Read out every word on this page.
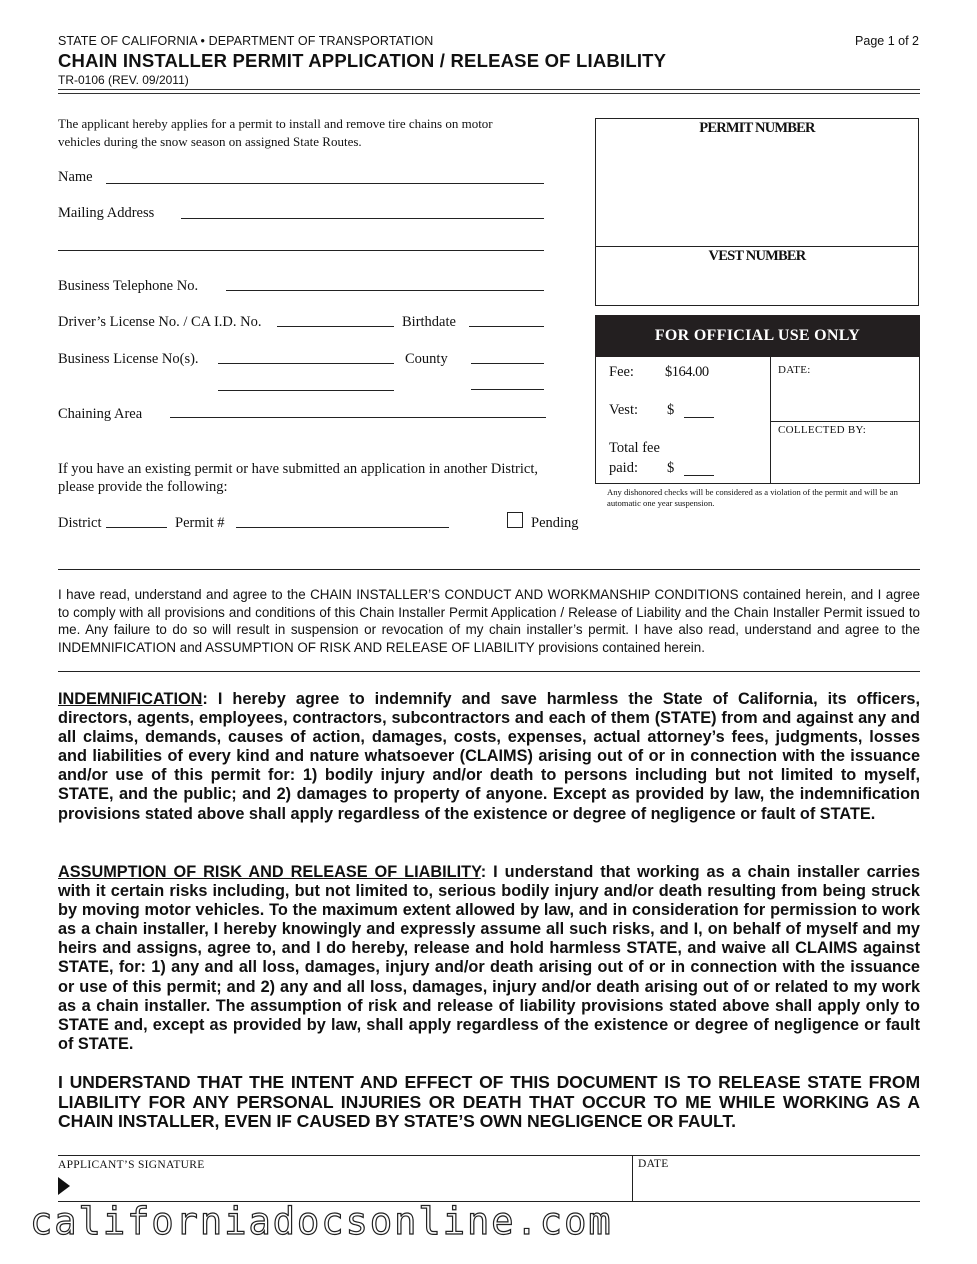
STATE OF CALIFORNIA • DEPARTMENT OF TRANSPORTATION	Page 1 of 2
CHAIN INSTALLER PERMIT APPLICATION / RELEASE OF LIABILITY
TR-0106 (REV. 09/2011)
The applicant hereby applies for a permit to install and remove tire chains on motor vehicles during the snow season on assigned State Routes.
Name
Mailing Address
Business Telephone No.
Driver’s License No. / CA I.D. No.	Birthdate
Business License No(s).	County
Chaining Area
If you have an existing permit or have submitted an application in another District, please provide the following:
District	Permit #	Pending
PERMIT NUMBER
VEST NUMBER
FOR OFFICIAL USE ONLY
DATE:
COLLECTED BY:
Fee: $164.00
Vest: $
Total fee
paid: $
Any dishonored checks will be considered as a violation of the permit and will be an automatic one year suspension.
I have read, understand and agree to the CHAIN INSTALLER’S CONDUCT AND WORKMANSHIP CONDITIONS contained herein, and I agree to comply with all provisions and conditions of this Chain Installer Permit Application / Release of Liability and the Chain Installer Permit issued to me. Any failure to do so will result in suspension or revocation of my chain installer’s permit. I have also read, understand and agree to the INDEMNIFICATION and ASSUMPTION OF RISK AND RELEASE OF LIABILITY provisions contained herein.
INDEMNIFICATION: I hereby agree to indemnify and save harmless the State of California, its officers, directors, agents, employees, contractors, subcontractors and each of them (STATE) from and against any and all claims, demands, causes of action, damages, costs, expenses, actual attorney’s fees, judgments, losses and liabilities of every kind and nature whatsoever (CLAIMS) arising out of or in connection with the issuance and/or use of this permit for: 1) bodily injury and/or death to persons including but not limited to myself, STATE, and the public; and 2) damages to property of anyone. Except as provided by law, the indemnification provisions stated above shall apply regardless of the existence or degree of negligence or fault of STATE.
ASSUMPTION OF RISK AND RELEASE OF LIABILITY: I understand that working as a chain installer carries with it certain risks including, but not limited to, serious bodily injury and/or death resulting from being struck by moving motor vehicles. To the maximum extent allowed by law, and in consideration for permission to work as a chain installer, I hereby knowingly and expressly assume all such risks, and I, on behalf of myself and my heirs and assigns, agree to, and I do hereby, release and hold harmless STATE, and waive all CLAIMS against STATE, for: 1) any and all loss, damages, injury and/or death arising out of or in connection with the issuance or use of this permit; and 2) any and all loss, damages, injury and/or death arising out of or related to my work as a chain installer. The assumption of risk and release of liability provisions stated above shall apply only to STATE and, except as provided by law, shall apply regardless of the existence or degree of negligence or fault of STATE.
I UNDERSTAND THAT THE INTENT AND EFFECT OF THIS DOCUMENT IS TO RELEASE STATE FROM LIABILITY FOR ANY PERSONAL INJURIES OR DEATH THAT OCCUR TO ME WHILE WORKING AS A CHAIN INSTALLER, EVEN IF CAUSED BY STATE’S OWN NEGLIGENCE OR FAULT.
APPLICANT’S SIGNATURE	DATE
californiadocsonline.com
